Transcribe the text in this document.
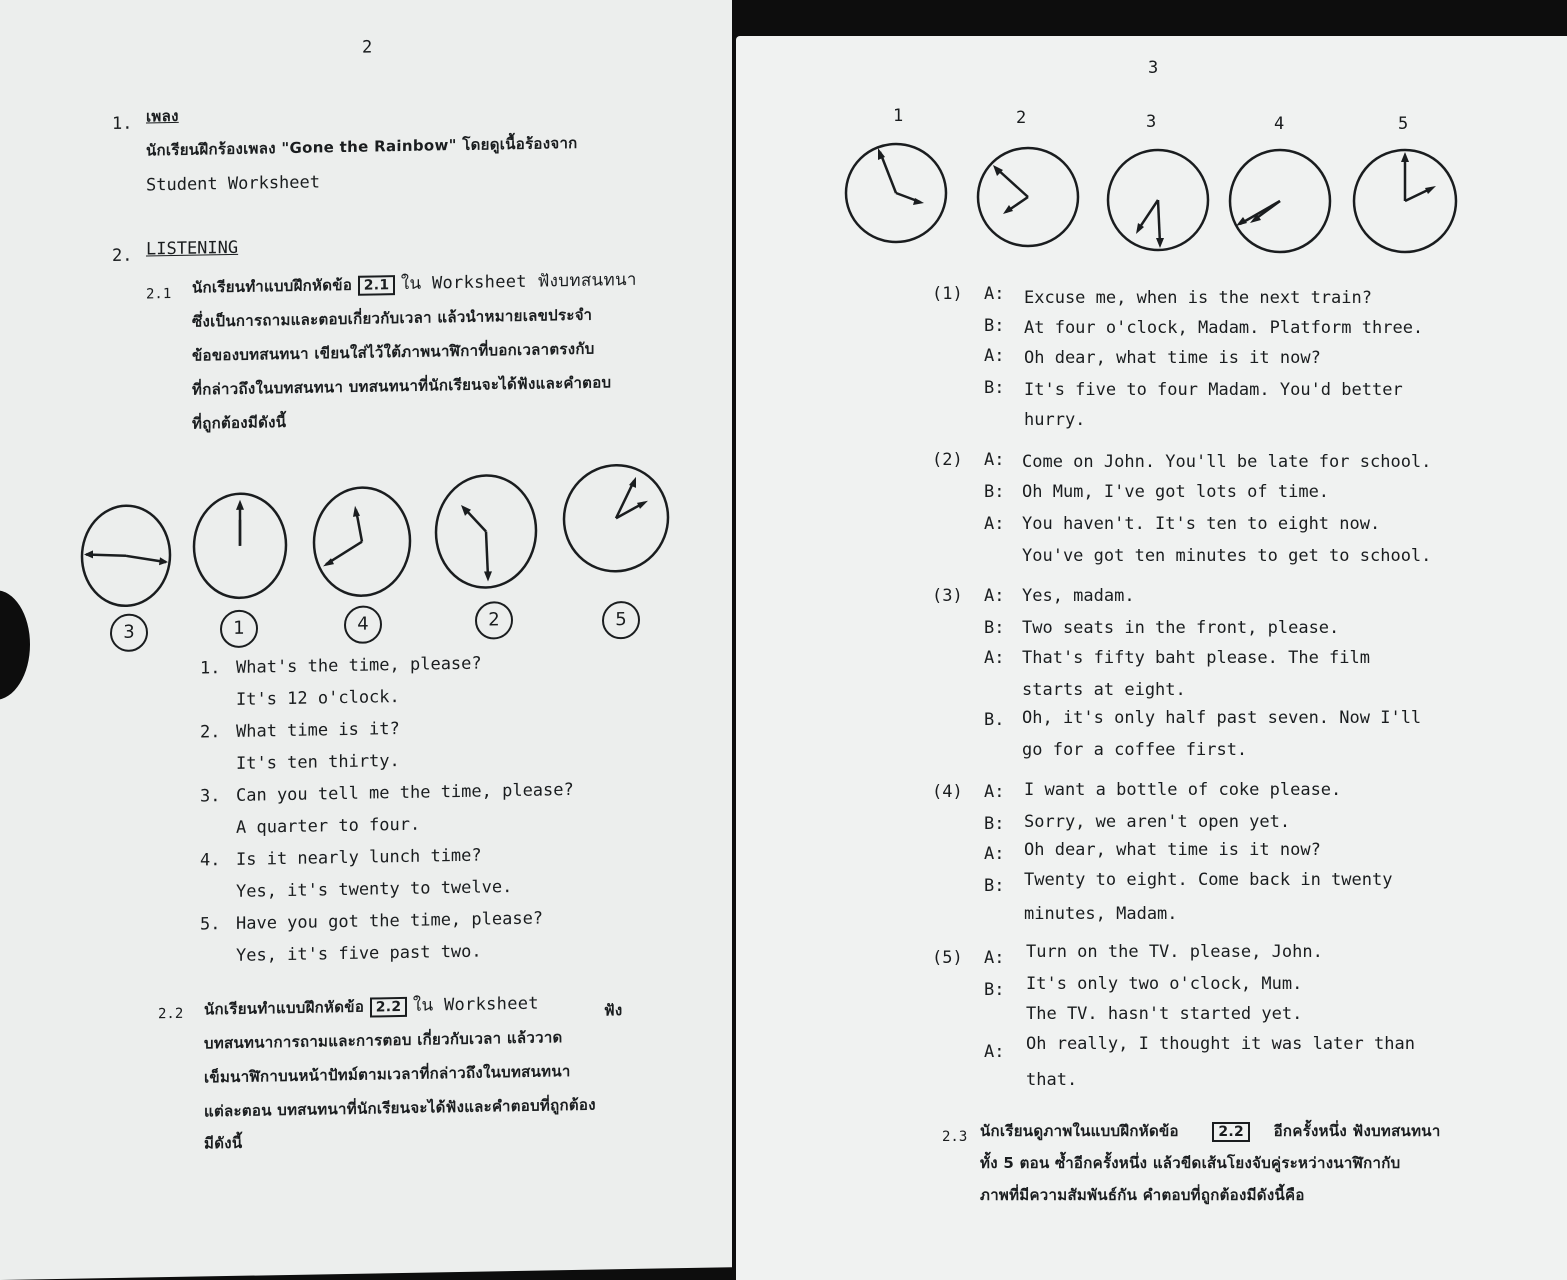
2
1. เพลง
นักเรียนฝึกร้องเพลง "Gone the Rainbow" โดยดูเนื้อร้องจาก
Student Worksheet
2. LISTENING
2.1 นักเรียนทำแบบฝึกหัดข้อ 2.1 ใน Worksheet ฟังบทสนทนา
ซึ่งเป็นการถามและตอบเกี่ยวกับเวลา แล้วนำหมายเลขประจำ
ข้อของบทสนทนา เขียนใส่ไว้ใต้ภาพนาฬิกาที่บอกเวลาตรงกับ
ที่กล่าวถึงในบทสนทนา บทสนทนาที่นักเรียนจะได้ฟังและคำตอบ
ที่ถูกต้องมีดังนี้
3	1	4	2	5
1. What's the time, please?
It's 12 o'clock.
2. What time is it?
It's ten thirty.
3. Can you tell me the time, please?
A quarter to four.
4. Is it nearly lunch time?
Yes, it's twenty to twelve.
5. Have you got the time, please?
Yes, it's five past two.
2.2 นักเรียนทำแบบฝึกหัดข้อ 2.2 ใน Worksheet	ฟัง
บทสนทนาการถามและการตอบ เกี่ยวกับเวลา แล้ววาด
เข็มนาฬิกาบนหน้าปัทม์ตามเวลาที่กล่าวถึงในบทสนทนา
แต่ละตอน บทสนทนาที่นักเรียนจะได้ฟังและคำตอบที่ถูกต้อง
มีดังนี้
3
1	2	3	4	5
(1) A: Excuse me, when is the next train?
B: At four o'clock, Madam. Platform three.
A: Oh dear, what time is it now?
B: It's five to four Madam. You'd better
hurry.
(2) A: Come on John. You'll be late for school.
B: Oh Mum, I've got lots of time.
A: You haven't. It's ten to eight now.
You've got ten minutes to get to school.
(3) A: Yes, madam.
B: Two seats in the front, please.
A: That's fifty baht please. The film
starts at eight.
B. Oh, it's only half past seven. Now I'll
go for a coffee first.
(4) A: I want a bottle of coke please.
B: Sorry, we aren't open yet.
A: Oh dear, what time is it now?
B: Twenty to eight. Come back in twenty
minutes, Madam.
(5) A: Turn on the TV. please, John.
B: It's only two o'clock, Mum.
The TV. hasn't started yet.
A: Oh really, I thought it was later than
that.
2.3 นักเรียนดูภาพในแบบฝึกหัดข้อ	2.2 อีกครั้งหนึ่ง ฟังบทสนทนา
ทั้ง 5 ตอน ซ้ำอีกครั้งหนึ่ง แล้วขีดเส้นโยงจับคู่ระหว่างนาฬิกากับ
ภาพที่มีความสัมพันธ์กัน คำตอบที่ถูกต้องมีดังนี้คือ
